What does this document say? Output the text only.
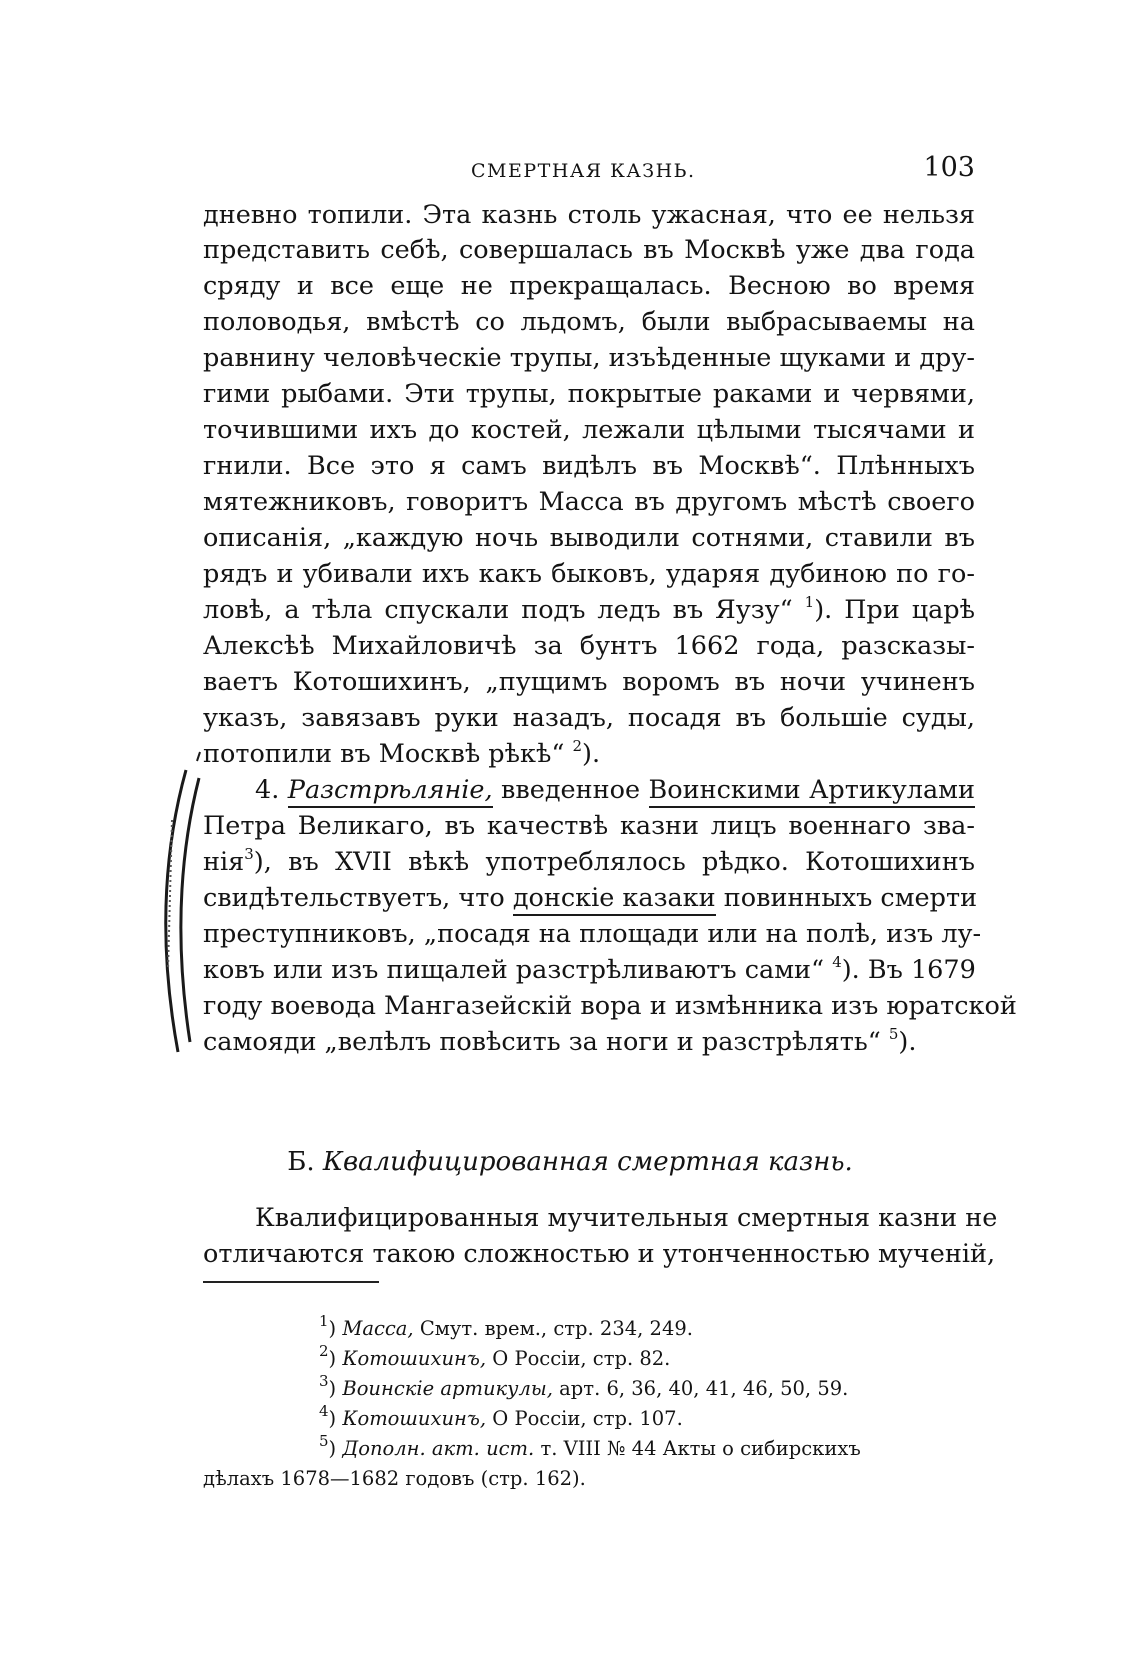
СМЕРТНАЯ КАЗНЬ.	103
дневно топили. Эта казнь столь ужасная, что ее нельзя
представить себѣ, совершалась въ Москвѣ уже два года
сряду и все еще не прекращалась. Весною во время
половодья, вмѣстѣ со льдомъ, были выбрасываемы на
равнину человѣческіе трупы, изъѣденные щуками и дру-
гими рыбами. Эти трупы, покрытые раками и червями,
точившими ихъ до костей, лежали цѣлыми тысячами и
гнили. Все это я самъ видѣлъ въ Москвѣ“. Плѣнныхъ
мятежниковъ, говоритъ Масса въ другомъ мѣстѣ своего
описанія, „каждую ночь выводили сотнями, ставили въ
рядъ и убивали ихъ какъ быковъ, ударяя дубиною по го-
ловѣ, а тѣла спускали подъ ледъ въ Яузу“ $^1$). При царѣ
Алексѣѣ Михайловичѣ за бунтъ 1662 года, разсказы-
ваетъ Котошихинъ, „пущимъ воромъ въ ночи учиненъ
указъ, завязавъ руки назадъ, посадя въ большіе суды,
потопили въ Москвѣ рѣкѣ“ $^2$).
4. Разстрѣляніе, введенное Воинскими Артикулами
Петра Великаго, въ качествѣ казни лицъ военнаго зва-
нія$^3$), въ XVII вѣкѣ употреблялось рѣдко. Котошихинъ
свидѣтельствуетъ, что донскіе казаки повинныхъ смерти
преступниковъ, „посадя на площади или на полѣ, изъ лу-
ковъ или изъ пищалей разстрѣливаютъ сами“ $^4$). Въ 1679
году воевода Мангазейскій вора и измѣнника изъ юратской
самояди „велѣлъ повѣсить за ноги и разстрѣлять“ $^5$).
Б. Квалифицированная смертная казнь.
Квалифицированныя мучительныя смертныя казни не
отличаются такою сложностью и утонченностью мученій,
$^1$) Масса, Смут. врем., стр. 234, 249.
$^2$) Котошихинъ, О Россіи, стр. 82.
$^3$) Воинскіе артикулы, арт. 6, 36, 40, 41, 46, 50, 59.
$^4$) Котошихинъ, О Россіи, стр. 107.
$^5$) Дополн. акт. ист. т. VIII № 44 Акты о сибирскихъ
дѣлахъ 1678—1682 годовъ (стр. 162).
